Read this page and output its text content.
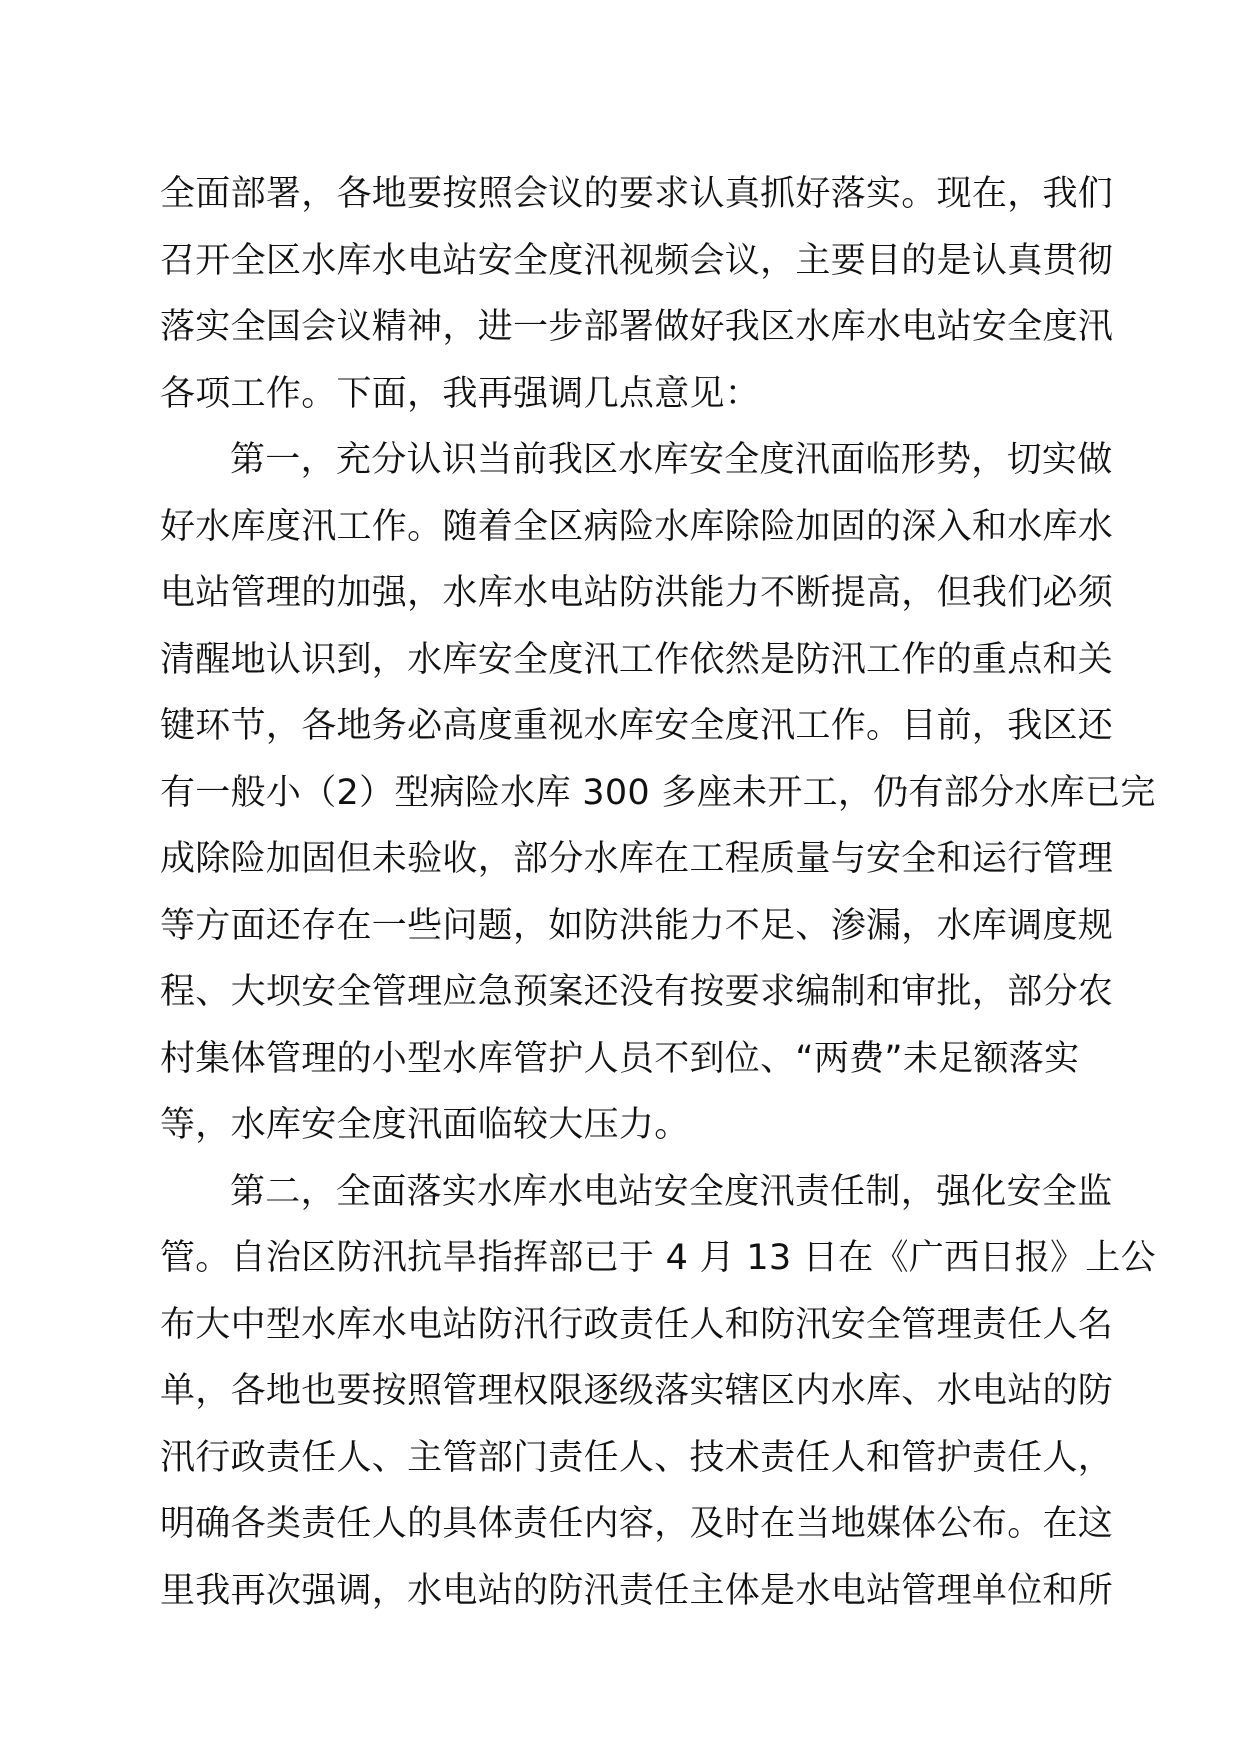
全面部署，各地要按照会议的要求认真抓好落实。现在，我们
召开全区水库水电站安全度汛视频会议，主要目的是认真贯彻
落实全国会议精神，进一步部署做好我区水库水电站安全度汛
各项工作。下面，我再强调几点意见：
第一，充分认识当前我区水库安全度汛面临形势，切实做
好水库度汛工作。随着全区病险水库除险加固的深入和水库水
电站管理的加强，水库水电站防洪能力不断提高，但我们必须
清醒地认识到，水库安全度汛工作依然是防汛工作的重点和关
键环节，各地务必高度重视水库安全度汛工作。目前，我区还
有一般小（2）型病险水库 300 多座未开工，仍有部分水库已完
成除险加固但未验收，部分水库在工程质量与安全和运行管理
等方面还存在一些问题，如防洪能力不足、渗漏，水库调度规
程、大坝安全管理应急预案还没有按要求编制和审批，部分农
村集体管理的小型水库管护人员不到位、“两费”未足额落实
等，水库安全度汛面临较大压力。
第二，全面落实水库水电站安全度汛责任制，强化安全监
管。自治区防汛抗旱指挥部已于 4 月 13 日在《广西日报》上公
布大中型水库水电站防汛行政责任人和防汛安全管理责任人名
单，各地也要按照管理权限逐级落实辖区内水库、水电站的防
汛行政责任人、主管部门责任人、技术责任人和管护责任人，
明确各类责任人的具体责任内容，及时在当地媒体公布。在这
里我再次强调，水电站的防汛责任主体是水电站管理单位和所
